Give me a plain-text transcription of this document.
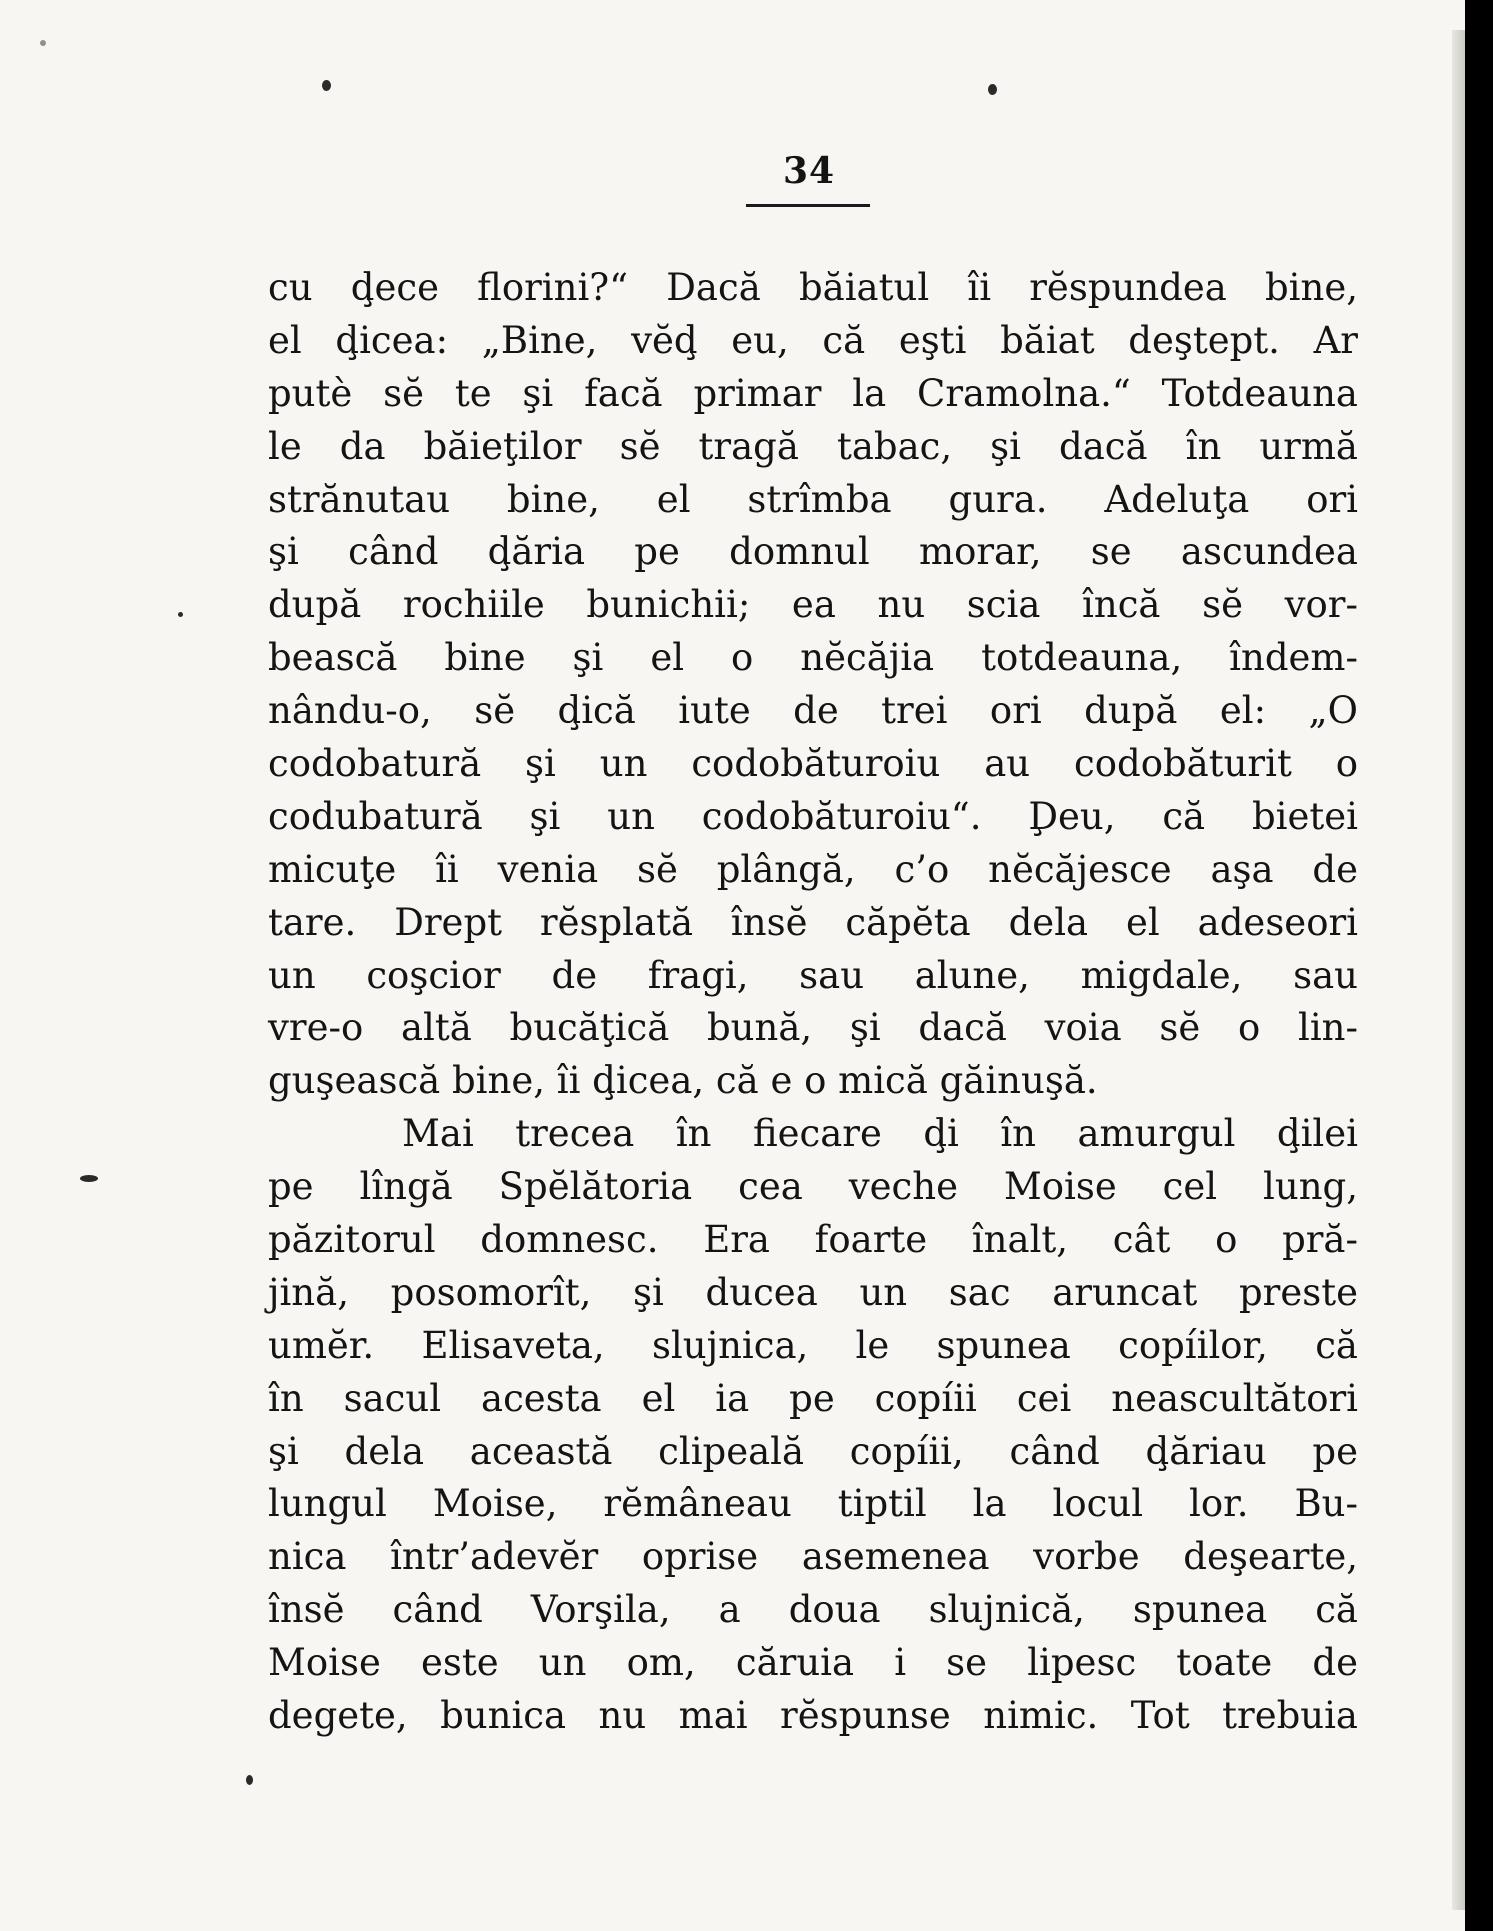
34
cu ḑece florini?“ Dacă băiatul îi rĕspundea bine,
el ḑicea: „Bine, vĕḑ eu, că eşti băiat deştept. Ar
putè sĕ te şi facă primar la Cramolna.“ Totdeauna
le da băieţilor sĕ tragă tabac, şi dacă în urmă
strănutau bine, el strîmba gura. Adeluţa ori
şi când ḑăria pe domnul morar, se ascundea
după rochiile bunichii; ea nu scia încă sĕ vor-
bească bine şi el o nĕcăjia totdeauna, îndem-
nându-o, sĕ ḑică iute de trei ori după el: „O
codobatură şi un codobăturoiu au codobăturit o
codubatură şi un codobăturoiu“. Ḑeu, că bietei
micuţe îi venia sĕ plângă, c’o nĕcăjesce aşa de
tare. Drept rĕsplată însĕ căpĕta dela el adeseori
un coşcior de fragi, sau alune, migdale, sau
vre-o altă bucăţică bună, şi dacă voia sĕ o lin-
guşească bine, îi ḑicea, că e o mică găinuşă.
Mai trecea în fiecare ḑi în amurgul ḑilei
pe lîngă Spĕlătoria cea veche Moise cel lung,
păzitorul domnesc. Era foarte înalt, cât o pră-
jină, posomorît, şi ducea un sac aruncat preste
umĕr. Elisaveta, slujnica, le spunea copíilor, că
în sacul acesta el ia pe copíii cei neascultători
şi dela această clipeală copíii, când ḑăriau pe
lungul Moise, rĕmâneau tiptil la locul lor. Bu-
nica într’adevĕr oprise asemenea vorbe deşearte,
însĕ când Vorşila, a doua slujnică, spunea că
Moise este un om, căruia i se lipesc toate de
degete, bunica nu mai rĕspunse nimic. Tot trebuia
